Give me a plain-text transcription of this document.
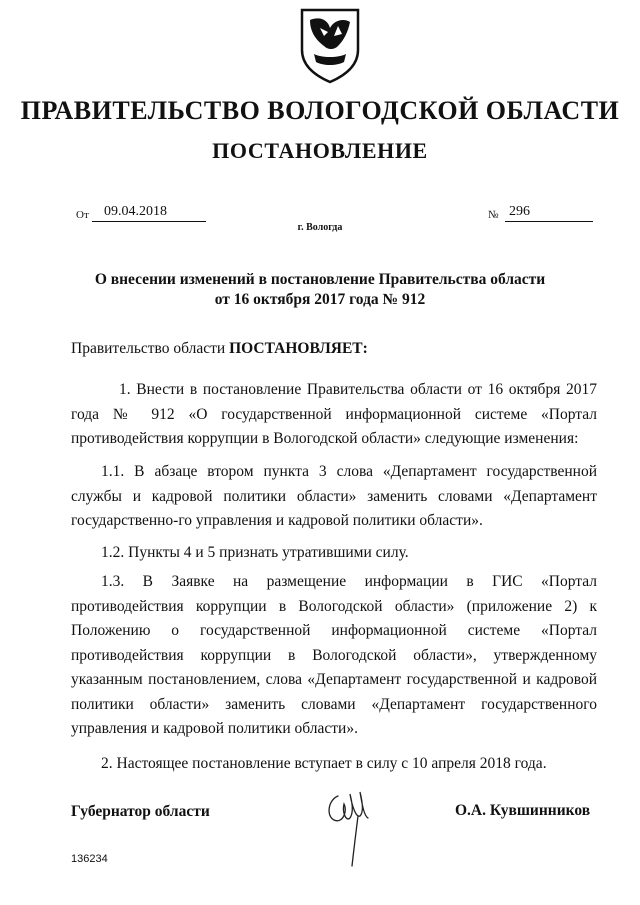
ПРАВИТЕЛЬСТВО ВОЛОГОДСКОЙ ОБЛАСТИ
ПОСТАНОВЛЕНИЕ
От	09.04.2018	№ 296
г. Вологда
О внесении изменений в постановление Правительства области
от 16 октября 2017 года № 912
Правительство области ПОСТАНОВЛЯЕТ:
1. Внести в постановление Правительства области от 16 октября 2017 года № 912 «О государственной информационной системе «Портал противодействия коррупции в Вологодской области» следующие изменения:
1.1. В абзаце втором пункта 3 слова «Департамент государственной службы и кадровой политики области» заменить словами «Департамент государственно-го управления и кадровой политики области».
1.2. Пункты 4 и 5 признать утратившими силу.
1.3. В Заявке на размещение информации в ГИС «Портал противодействия коррупции в Вологодской области» (приложение 2) к Положению о государственной информационной системе «Портал противодействия коррупции в Вологодской области», утвержденному указанным постановлением, слова «Департамент государственной и кадровой политики области» заменить словами «Департамент государственного управления и кадровой политики области».
2. Настоящее постановление вступает в силу с 10 апреля 2018 года.
Губернатор области	О.А. Кувшинников
136234
